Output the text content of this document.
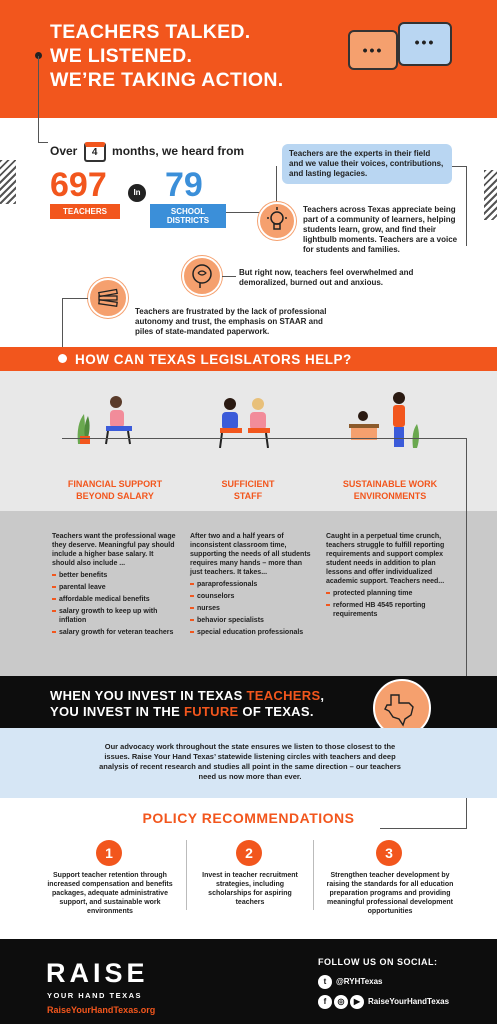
TEACHERS TALKED.
WE LISTENED.
WE’RE TAKING ACTION.
•••	•••
Over 4 months, we heard from
697
TEACHERS
In 79
SCHOOL DISTRICTS
Teachers are the experts in their field and we value their voices, contributions, and lasting legacies.
Teachers across Texas appreciate being part of a community of learners, helping students learn, grow, and find their lightbulb moments. Teachers are a voice for students and families.
But right now, teachers feel overwhelmed and demoralized, burned out and anxious.
Teachers are frustrated by the lack of professional autonomy and trust, the emphasis on STAAR and piles of state-mandated paperwork.
HOW CAN TEXAS LEGISLATORS HELP?
FINANCIAL SUPPORT
BEYOND SALARY
SUFFICIENT
STAFF
SUSTAINABLE WORK
ENVIRONMENTS
Teachers want the professional wage they deserve. Meaningful pay should include a higher base salary. It should also include ...
better benefits
parental leave
affordable medical benefits
salary growth to keep up with inflation
salary growth for veteran teachers
After two and a half years of inconsistent classroom time, supporting the needs of all students requires many hands – more than just teachers. It takes...
paraprofessionals
counselors
nurses
behavior specialists
special education professionals
Caught in a perpetual time crunch, teachers struggle to fulfill reporting requirements and support complex student needs in addition to plan lessons and offer individualized academic support. Teachers need...
protected planning time
reformed HB 4545 reporting requirements
WHEN YOU INVEST IN TEXAS TEACHERS,
YOU INVEST IN THE FUTURE OF TEXAS.
Our advocacy work throughout the state ensures we listen to those closest to the issues. Raise Your Hand Texas’ statewide listening circles with teachers and deep analysis of recent research and studies all point in the same direction – our teachers need us now more than ever.
POLICY RECOMMENDATIONS
1
Support teacher retention through increased compensation and benefits packages, adequate administrative support, and sustainable work environments
2
Invest in teacher recruitment strategies, including scholarships for aspiring teachers
3
Strengthen teacher development by raising the standards for all education preparation programs and providing meaningful professional development opportunities
RAISE
YOUR HAND TEXAS
RaiseYourHandTexas.org
FOLLOW US ON SOCIAL:
t	@RYHTexas
f	◎	▶ RaiseYourHandTexas
